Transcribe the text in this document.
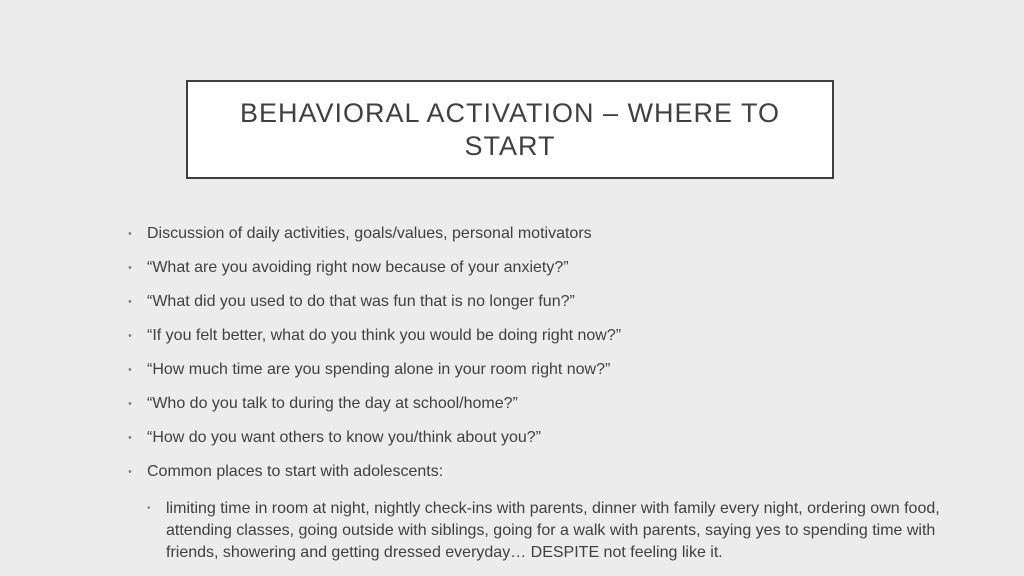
BEHAVIORAL ACTIVATION – WHERE TO START
• Discussion of daily activities, goals/values, personal motivators
• “What are you avoiding right now because of your anxiety?”
• “What did you used to do that was fun that is no longer fun?”
• “If you felt better, what do you think you would be doing right now?”
• “How much time are you spending alone in your room right now?”
• “Who do you talk to during the day at school/home?”
• “How do you want others to know you/think about you?”
• Common places to start with adolescents:
• limiting time in room at night, nightly check-ins with parents, dinner with family every night, ordering own food, attending classes, going outside with siblings, going for a walk with parents, saying yes to spending time with friends, showering and getting dressed everyday… DESPITE not feeling like it.
